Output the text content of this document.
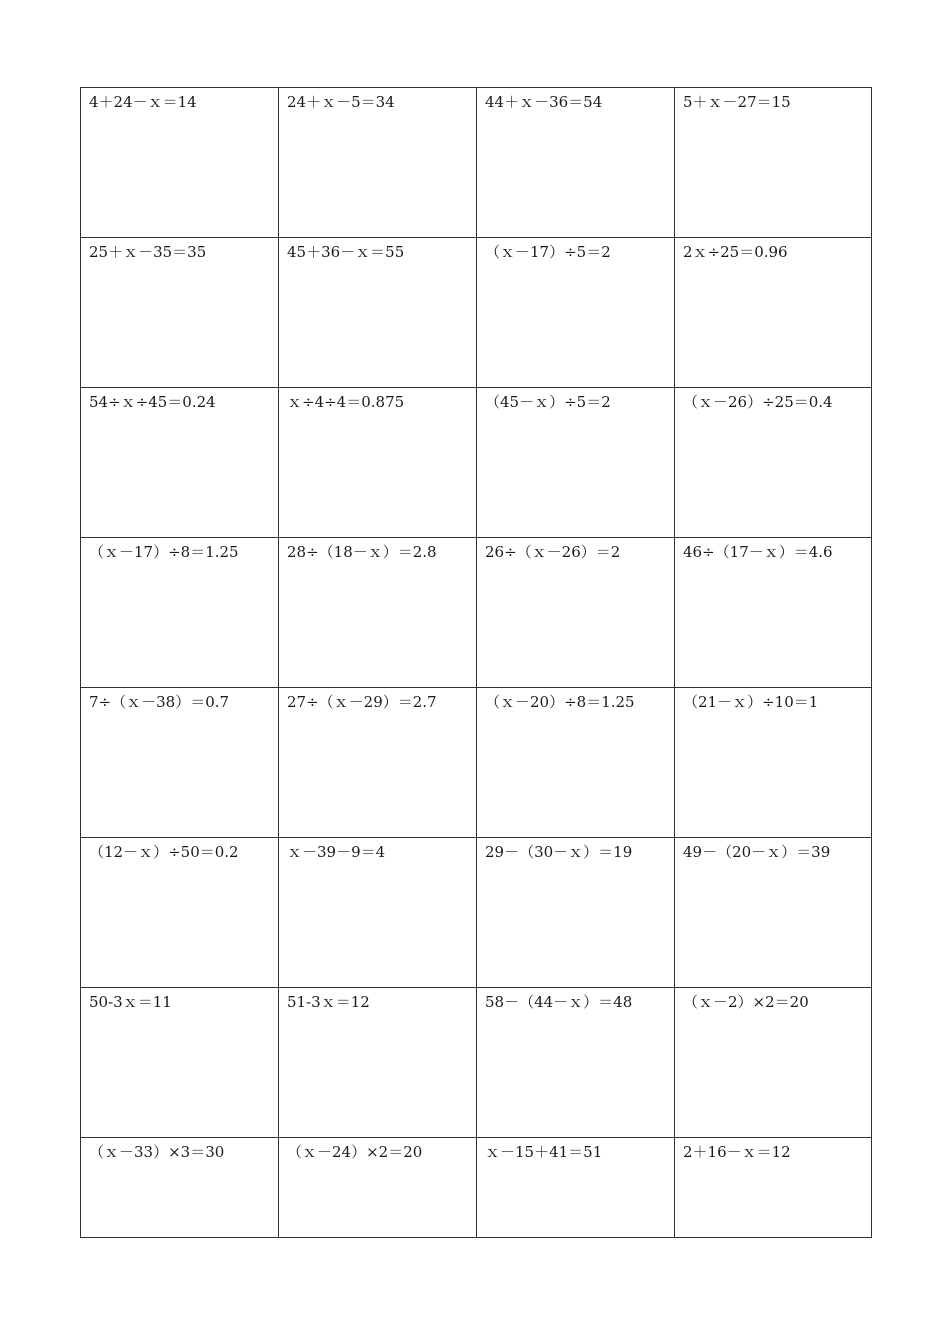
4＋24－ｘ＝14	24＋ｘ－5＝34	44＋ｘ－36＝54	5＋ｘ－27＝15
25＋ｘ－35＝35	45＋36－ｘ＝55	（ｘ－17）÷5＝2	2ｘ÷25＝0.96
54÷ｘ÷45＝0.24	ｘ÷4÷4＝0.875	（45－ｘ）÷5＝2	（ｘ－26）÷25＝0.4
（ｘ－17）÷8＝1.25	28÷（18－ｘ）＝2.8	26÷（ｘ－26）＝2	46÷（17－ｘ）＝4.6
7÷（ｘ－38）＝0.7	27÷（ｘ－29）＝2.7	（ｘ－20）÷8＝1.25	（21－ｘ）÷10＝1
（12－ｘ）÷50＝0.2	ｘ－39－9＝4	29－（30－ｘ）＝19	49－（20－ｘ）＝39
50-3ｘ＝11	51-3ｘ＝12	58－（44－ｘ）＝48	（ｘ－2）×2＝20
（ｘ－33）×3＝30	（ｘ－24）×2＝20	ｘ－15＋41＝51	2＋16－ｘ＝12
